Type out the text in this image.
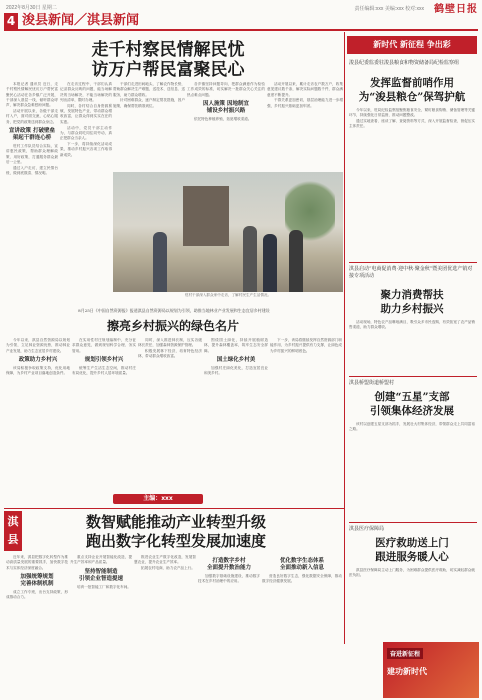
2022年8月30日 星期二	责任编辑:xxx 美编:xxx 校对:xxx 鹤壁日报
4 浚县新闻／淇县新闻
走千村察民情解民忧
访万户帮民富聚民心

本报记者 通讯员 近日，走千村察民情解民忧访万户帮民富聚民心活动在各乡镇广泛开展，干部深入基层一线，倾听群众呼声，解决群众急难愁盼问题。

活动开展以来，各级干部走村入户，面对面交流，心贴心服务，把党的政策送到群众身边。

宣讲政策 打破壁垒
架起干群连心桥

驻村工作队员结合实际，宣讲惠民政策，帮助群众理解政策、用好政策，打通服务群众最后一公里。

通过入户走访，建立民情台账，做到底数清、情况明。

在走访过程中，干部们认真记录群众反映的问题，能当场解决的当场解决，不能当场解决的列出清单，限时办理。

同时，各村结合自身资源禀赋，发展特色产业，带动群众增收致富，让群众得到实实在在的实惠。

活动中，党员干部主动作为，与群众同吃同住同劳动，真正把群众当亲人。

下一步，将持续深化活动成果，推动乡村振兴各项工作取得新成效。

干部们走进田间地头，了解农作物长势，帮助群众解决生产难题，送技术、送信息、送服务，助力群众增收。

针对困难群众，逐户制定帮扶措施，因户施策，确保帮扶精准到位。

各乡镇坚持问题导向，把群众满意作为检验工作成效的标准，切实解决一批群众关心关注的热点难点问题。

因人施策 因地制宜
铺设乡村振兴路

依托特色种植养殖，拓宽增收渠道。

活动开展以来，累计走访农户数万户，收集意见建议数千条，解决实际问题数千件，群众满意度不断提升。

干群关系更加密切，基层治理能力进一步增强，乡村振兴基础更加牢固。

驻村干部深入群众家中走访，了解村民生产生活情况。
8月25日《中国自然资源报》报道淇县自然资源局以规划为引领，助推当地林业产业发展和生态宜居乡村建设
擦亮乡村振兴的绿色名片

今年以来，淇县自然资源局以规划为引领，立足林业资源优势，推动林业产业发展，助力生态宜居乡村建设。

政策助力乡村兴

该局积极争取政策支持，优化用地保障，为乡村产业项目落地创造条件。

在实用性村庄规划编制中，充分征求群众意见，做到规划科学合理、务实管用。

规划引领乡村兴

统筹生产生活生态空间，推动村庄布局优化，提升乡村人居环境质量。

同时，深入推进林长制，压实各级林长责任，加强森林资源保护管理。

积极发展林下经济，培育特色经济林，带动群众增收致富。

围绕国土绿化，持续开展植树造林，提升森林覆盖率，筑牢生态安全屏障。

国土绿化乡村美

加强村庄绿化美化，打造宜居宜业和美乡村。

下一步，该局将继续发挥自然资源部门职能作用，为乡村振兴提供有力支撑，让绿色成为乡村振兴的鲜明底色。

主编：xxx
淇县
数智赋能推动产业转型升级
跑出数字化转型发展加速度

近年来，淇县把数字化转型作为推动高质量发展的重要抓手，加快数字技术与实体经济深度融合。

加强统筹规划
完善体制机制

成立工作专班，出台支持政策，形成推动合力。

重点支持企业开展智能化改造，提升生产效率和产品质量。

坚持智能制造
引领企业智造提速

培育一批智能工厂和数字化车间。

推进农业生产数字化改造，发展智慧农业，提升农业生产效率。

拓展农村电商，助力农产品上行。

打造数字乡村
全面提升数治能力

加强数字基础设施建设，推动数字技术在乡村治理中的应用。

优化数字生态体系
全面推动新入信息

营造良好数字生态，强化数据安全保障，推动数字经济健康发展。

新时代 新征程 争出彩
浚县纪委监委驻浚县粮食和物资储备局纪检监察组
发挥监督前哨作用
为“浚县粮仓”保驾护航

今年以来，驻局纪检监察组聚焦粮食安全，紧盯粮食购销、储备管理等关键环节，持续强化日常监督，推动问题整改。

通过实地查看、座谈了解、查阅资料等方式，深入开展监督检查，督促压实主体责任。

淇县启动“电商促消费·迎中秋·聚金秋”暨美团优选产销对接专项活动
聚力消费帮扶
助力乡村振兴

活动现场，特色农产品琳琅满目，吸引众多市民选购，有效拓宽了农产品销售渠道，助力群众增收。

淇县桥盟街道桥盟村
创建“五星”支部
引领集体经济发展

该村以创建五星支部为抓手，发展壮大村集体经济，带领群众走上共同富裕之路。

淇县医疗保障局
医疗救助送上门
跟进服务暖人心

淇县医疗保障局主动上门服务，为困难群众提供医疗救助，切实减轻群众就医负担。

奋进新征程
建功新时代
